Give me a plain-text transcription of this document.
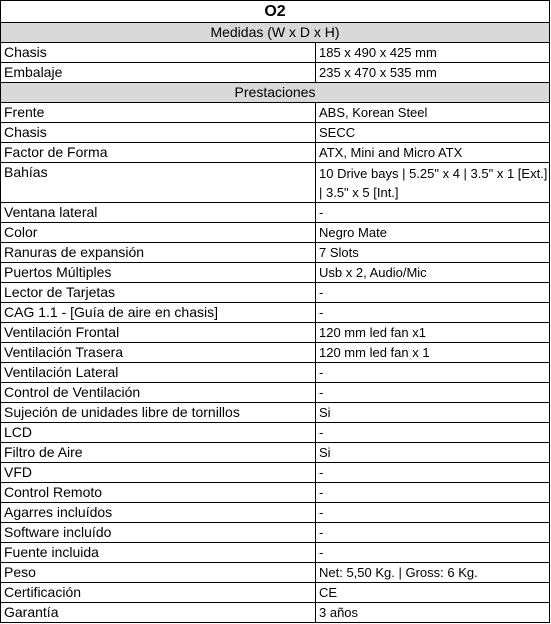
O2	
Medidas (W x D x H)	
Chasis	185 x 490 x 425 mm
Embalaje	235 x 470 x 535 mm
Prestaciones	
Frente	ABS, Korean Steel
Chasis	SECC
Factor de Forma	ATX, Mini and Micro ATX
Bahías	10 Drive bays | 5.25" x 4 | 3.5" x 1 [Ext.] | 3.5" x 5 [Int.]
Ventana lateral	-
Color	Negro Mate
Ranuras de expansión	7 Slots
Puertos Múltiples	Usb x 2, Audio/Mic
Lector de Tarjetas	-
CAG 1.1 - [Guía de aire en chasis]	-
Ventilación Frontal	120 mm led fan x1
Ventilación Trasera	120 mm led fan x 1
Ventilación Lateral	-
Control de Ventilación	-
Sujeción de unidades libre de tornillos	Si
LCD	-
Filtro de Aire	Si
VFD	-
Control Remoto	-
Agarres incluídos	-
Software incluído	-
Fuente incluida	-
Peso	Net: 5,50 Kg. | Gross: 6 Kg.
Certificación	CE
Garantía	3 años
